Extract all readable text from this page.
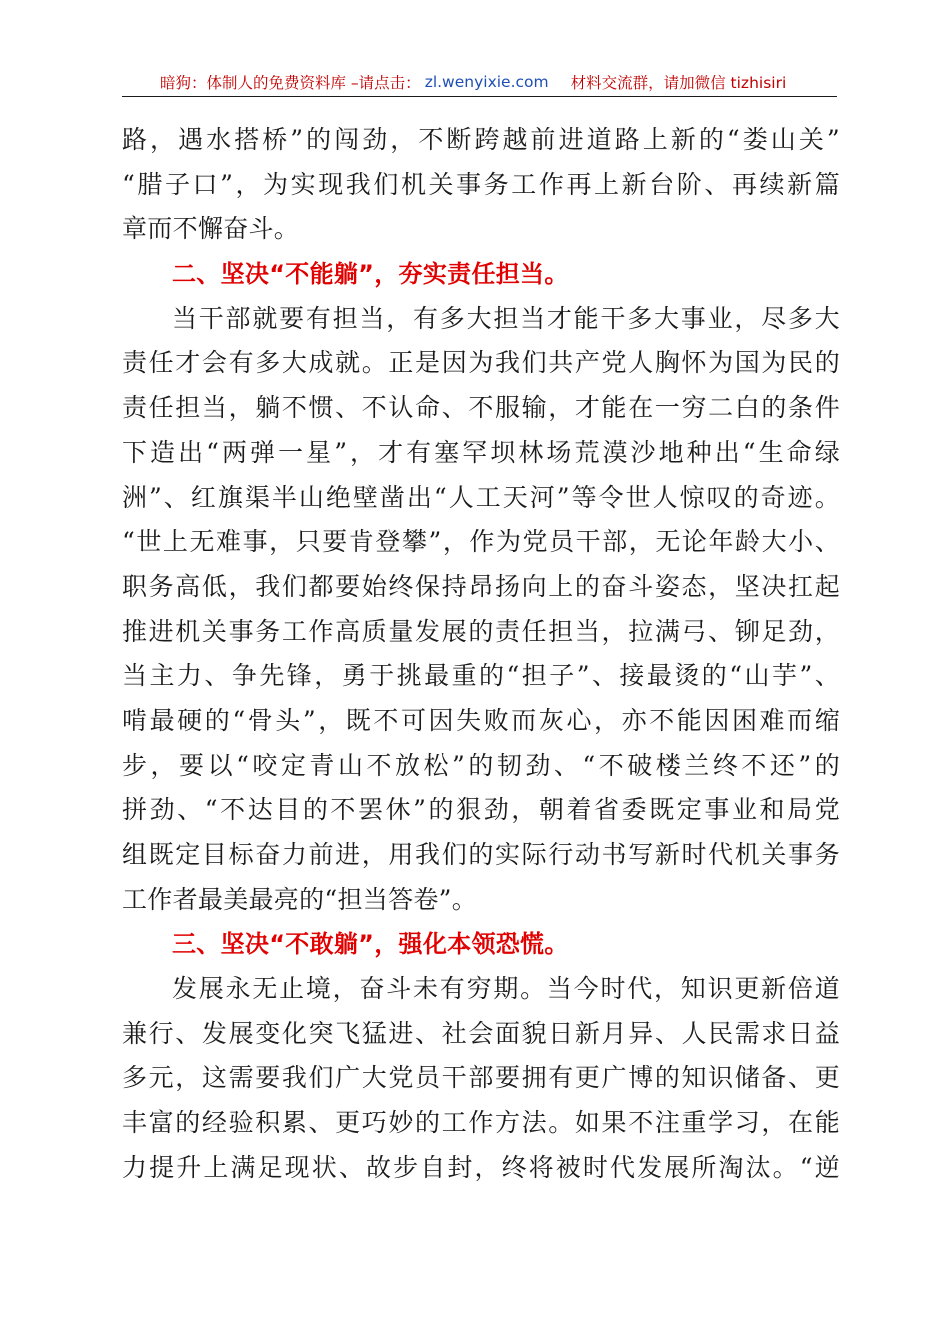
暗狗：体制人的免费资料库 –请点击： zl.wenyixie.com 材料交流群，请加微信 tizhisiri
路，遇水搭桥”的闯劲，不断跨越前进道路上新的“娄山关”
“腊子口”，为实现我们机关事务工作再上新台阶、再续新篇
章而不懈奋斗。
二、坚决“不能躺”，夯实责任担当。
当干部就要有担当，有多大担当才能干多大事业，尽多大
责任才会有多大成就。正是因为我们共产党人胸怀为国为民的
责任担当，躺不惯、不认命、不服输，才能在一穷二白的条件
下造出“两弹一星”，才有塞罕坝林场荒漠沙地种出“生命绿
洲”、红旗渠半山绝壁凿出“人工天河”等令世人惊叹的奇迹。
“世上无难事，只要肯登攀”，作为党员干部，无论年龄大小、
职务高低，我们都要始终保持昂扬向上的奋斗姿态，坚决扛起
推进机关事务工作高质量发展的责任担当，拉满弓、铆足劲，
当主力、争先锋，勇于挑最重的“担子”、接最烫的“山芋”、
啃最硬的“骨头”，既不可因失败而灰心，亦不能因困难而缩
步，要以“咬定青山不放松”的韧劲、“不破楼兰终不还”的
拼劲、“不达目的不罢休”的狠劲，朝着省委既定事业和局党
组既定目标奋力前进，用我们的实际行动书写新时代机关事务
工作者最美最亮的“担当答卷”。
三、坚决“不敢躺”，强化本领恐慌。
发展永无止境，奋斗未有穷期。当今时代，知识更新倍道
兼行、发展变化突飞猛进、社会面貌日新月异、人民需求日益
多元，这需要我们广大党员干部要拥有更广博的知识储备、更
丰富的经验积累、更巧妙的工作方法。如果不注重学习，在能
力提升上满足现状、故步自封，终将被时代发展所淘汰。“逆
